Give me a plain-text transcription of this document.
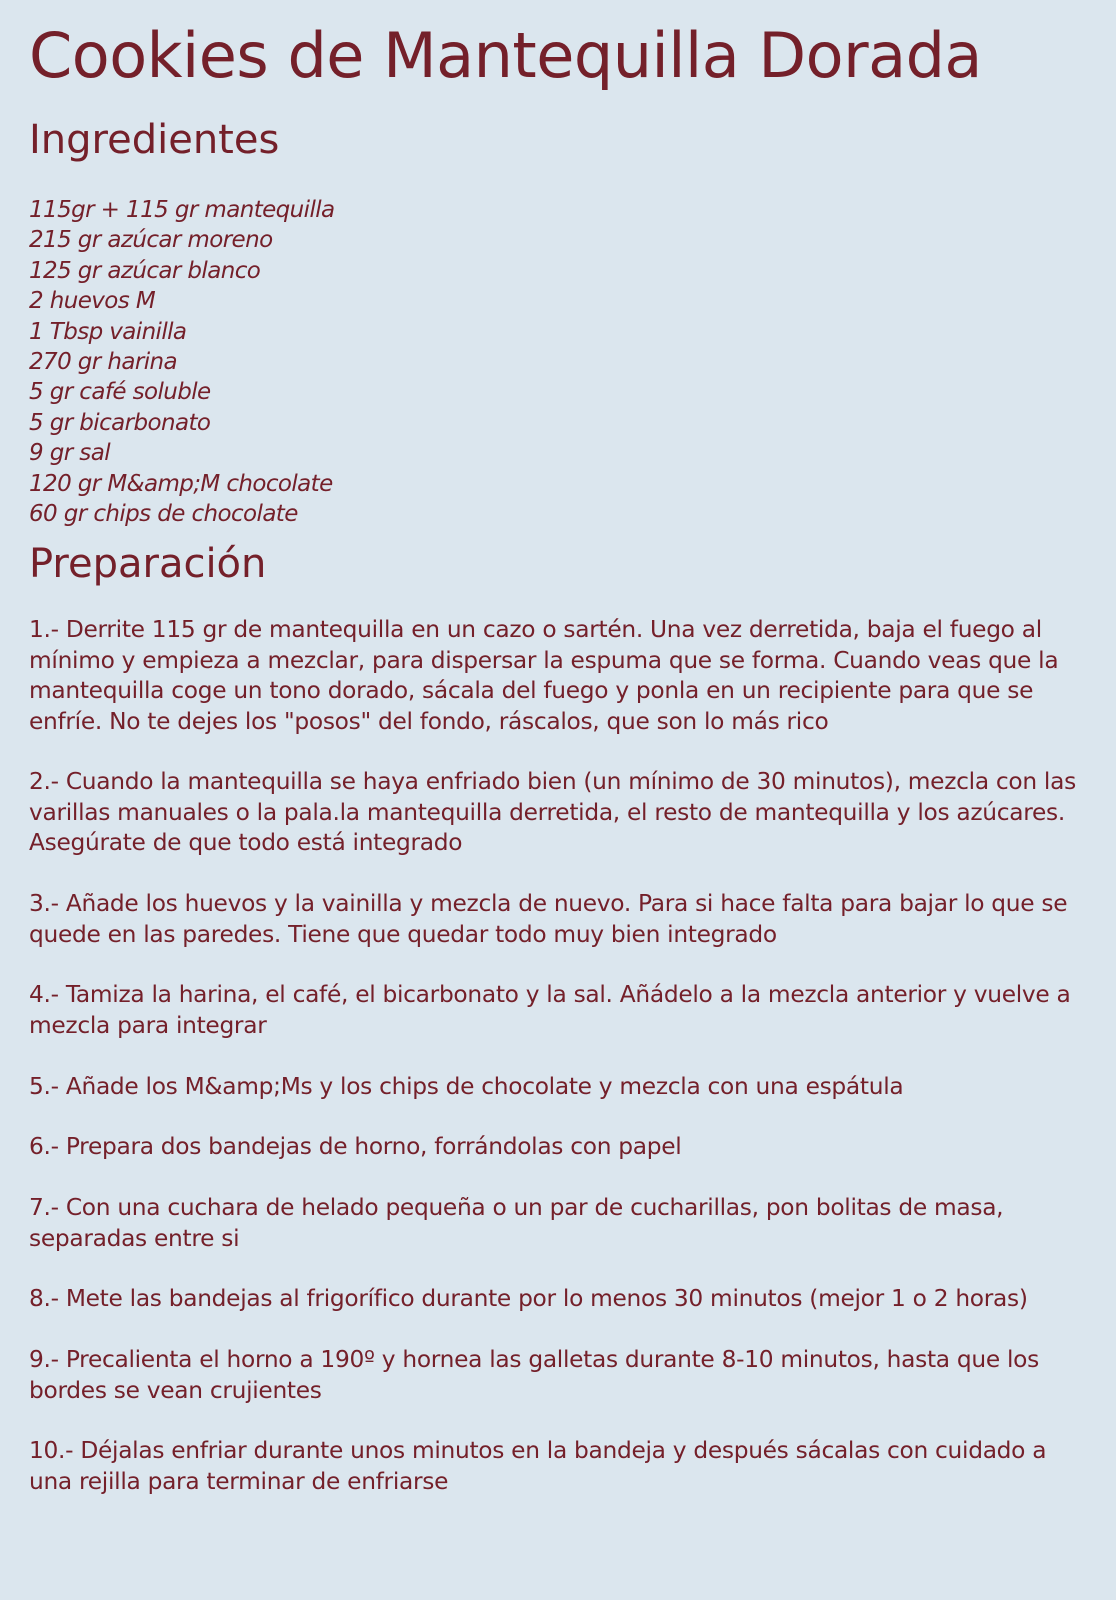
Cookies de Mantequilla Dorada
Ingredientes
115gr + 115 gr mantequilla
215 gr azúcar moreno
125 gr azúcar blanco
2 huevos M
1 Tbsp vainilla
270 gr harina
5 gr café soluble
5 gr bicarbonato
9 gr sal
120 gr M&amp;M chocolate
60 gr chips de chocolate
Preparación

1.- Derrite 115 gr de mantequilla en un cazo o sartén. Una vez derretida, baja el fuego al mínimo y empieza a mezclar, para dispersar la espuma que se forma. Cuando veas que la mantequilla coge un tono dorado, sácala del fuego y ponla en un recipiente para que se enfríe. No te dejes los "posos" del fondo, ráscalos, que son lo más rico

2.- Cuando la mantequilla se haya enfriado bien (un mínimo de 30 minutos), mezcla con las varillas manuales o la pala.la mantequilla derretida, el resto de mantequilla y los azúcares. Asegúrate de que todo está integrado

3.- Añade los huevos y la vainilla y mezcla de nuevo. Para si hace falta para bajar lo que se quede en las paredes. Tiene que quedar todo muy bien integrado

4.- Tamiza la harina, el café, el bicarbonato y la sal. Añádelo a la mezcla anterior y vuelve a mezcla para integrar

5.- Añade los M&amp;Ms y los chips de chocolate y mezcla con una espátula

6.- Prepara dos bandejas de horno, forrándolas con papel

7.- Con una cuchara de helado pequeña o un par de cucharillas, pon bolitas de masa, separadas entre si

8.- Mete las bandejas al frigorífico durante por lo menos 30 minutos (mejor 1 o 2 horas)

9.- Precalienta el horno a 190º y hornea las galletas durante 8-10 minutos, hasta que los bordes se vean crujientes

10.- Déjalas enfriar durante unos minutos en la bandeja y después sácalas con cuidado a una rejilla para terminar de enfriarse
